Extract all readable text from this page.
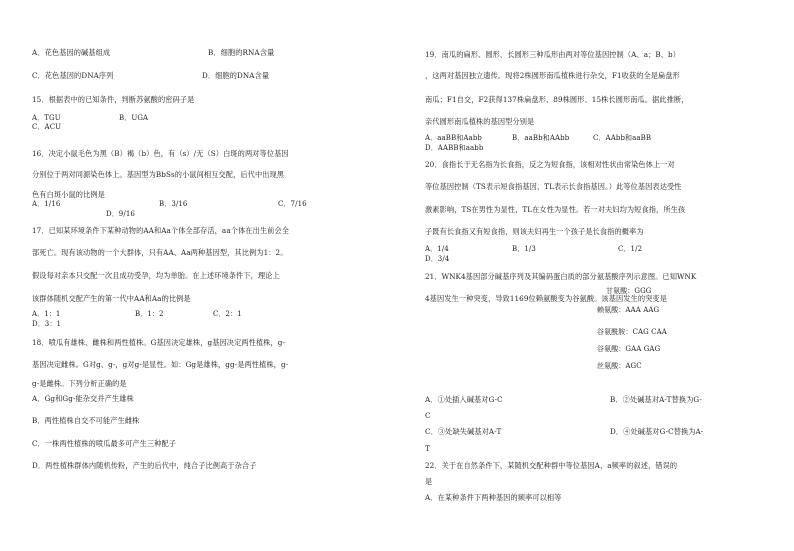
A．花色基因的碱基组成	B．细胞的RNA含量
C．花色基因的DNA序列	D．细胞的DNA含量
15．根据表中的已知条件，判断苏氨酸的密码子是
A．TGU	B．UGA
C．ACU
16．决定小鼠毛色为黑（B）褐（b）色，有（s）/无（S）白斑的两对等位基因
分别位于两对同源染色体上。基因型为BbSs的小鼠间相互交配，后代中出现黑
色有白斑小鼠的比例是
A．1/16	B．3/16	C．7/16
D．9/16
17．已知某环境条件下某种动物的AA和Aa个体全部存活，aa个体在出生前会全
部死亡。现有该动物的一个大群体，只有AA、Aa两种基因型，其比例为1：2。
假设每对亲本只交配一次且成功受孕，均为单胎。在上述环境条件下，理论上
该群体随机交配产生的第一代中AA和Aa的比例是
A．1：1	B．1：2	C．2：1
D．3：1
18．喷瓜有雄株、雌株和两性植株。G基因决定雄株，g基因决定两性植株，g-
基因决定雌株。G对g、g-，g对g-是显性。如：Gg是雄株，gg-是两性植株，g-
g-是雌株。下列分析正确的是
A．Gg和Gg-能杂交并产生雄株
B．两性植株自交不可能产生雌株
C．一株两性植株的喷瓜最多可产生三种配子
D．两性植株群体内随机传粉，产生的后代中，纯合子比例高于杂合子
19．南瓜的扁形、圆形、长圆形三种瓜形由两对等位基因控制（A、a；B、b）
，这两对基因独立遗传。现将2株圆形南瓜植株进行杂交，F1收获的全是扁盘形
南瓜；F1自交，F2获得137株扁盘形、89株圆形、15株长圆形南瓜。据此推断，
亲代圆形南瓜植株的基因型分别是
A．aaBB和Aabb	B．aaBb和AAbb	C．AAbb和aaBB
D．AABB和aabb
20．食指长于无名指为长食指，反之为短食指，该相对性状由常染色体上一对
等位基因控制（TS表示短食指基因，TL表示长食指基因。）此等位基因表达受性
激素影响，TS在男性为显性，TL在女性为显性。若一对夫妇均为短食指，所生孩
子既有长食指又有短食指，则该夫妇再生一个孩子是长食指的概率为
A．1/4	B．1/3	C．1/2
D．3/4
21．WNK4基因部分碱基序列及其编码蛋白质的部分氨基酸序列示意图。已知WNK
4基因发生一种突变，导致1169位赖氨酸变为谷氨酸。该基因发生的突变是
甘氨酸：GGG
赖氨酸：AAA AAG
谷氨酰胺：CAG CAA
谷氨酸：GAA GAG
丝氨酸：AGC
A．①处插入碱基对G-C	B．②处碱基对A-T替换为G-
C
C．③处缺失碱基对A-T	D．④处碱基对G-C替换为A-
T
22．关于在自然条件下，某随机交配种群中等位基因A、a频率的叙述，错误的
是
A．在某种条件下两种基因的频率可以相等
